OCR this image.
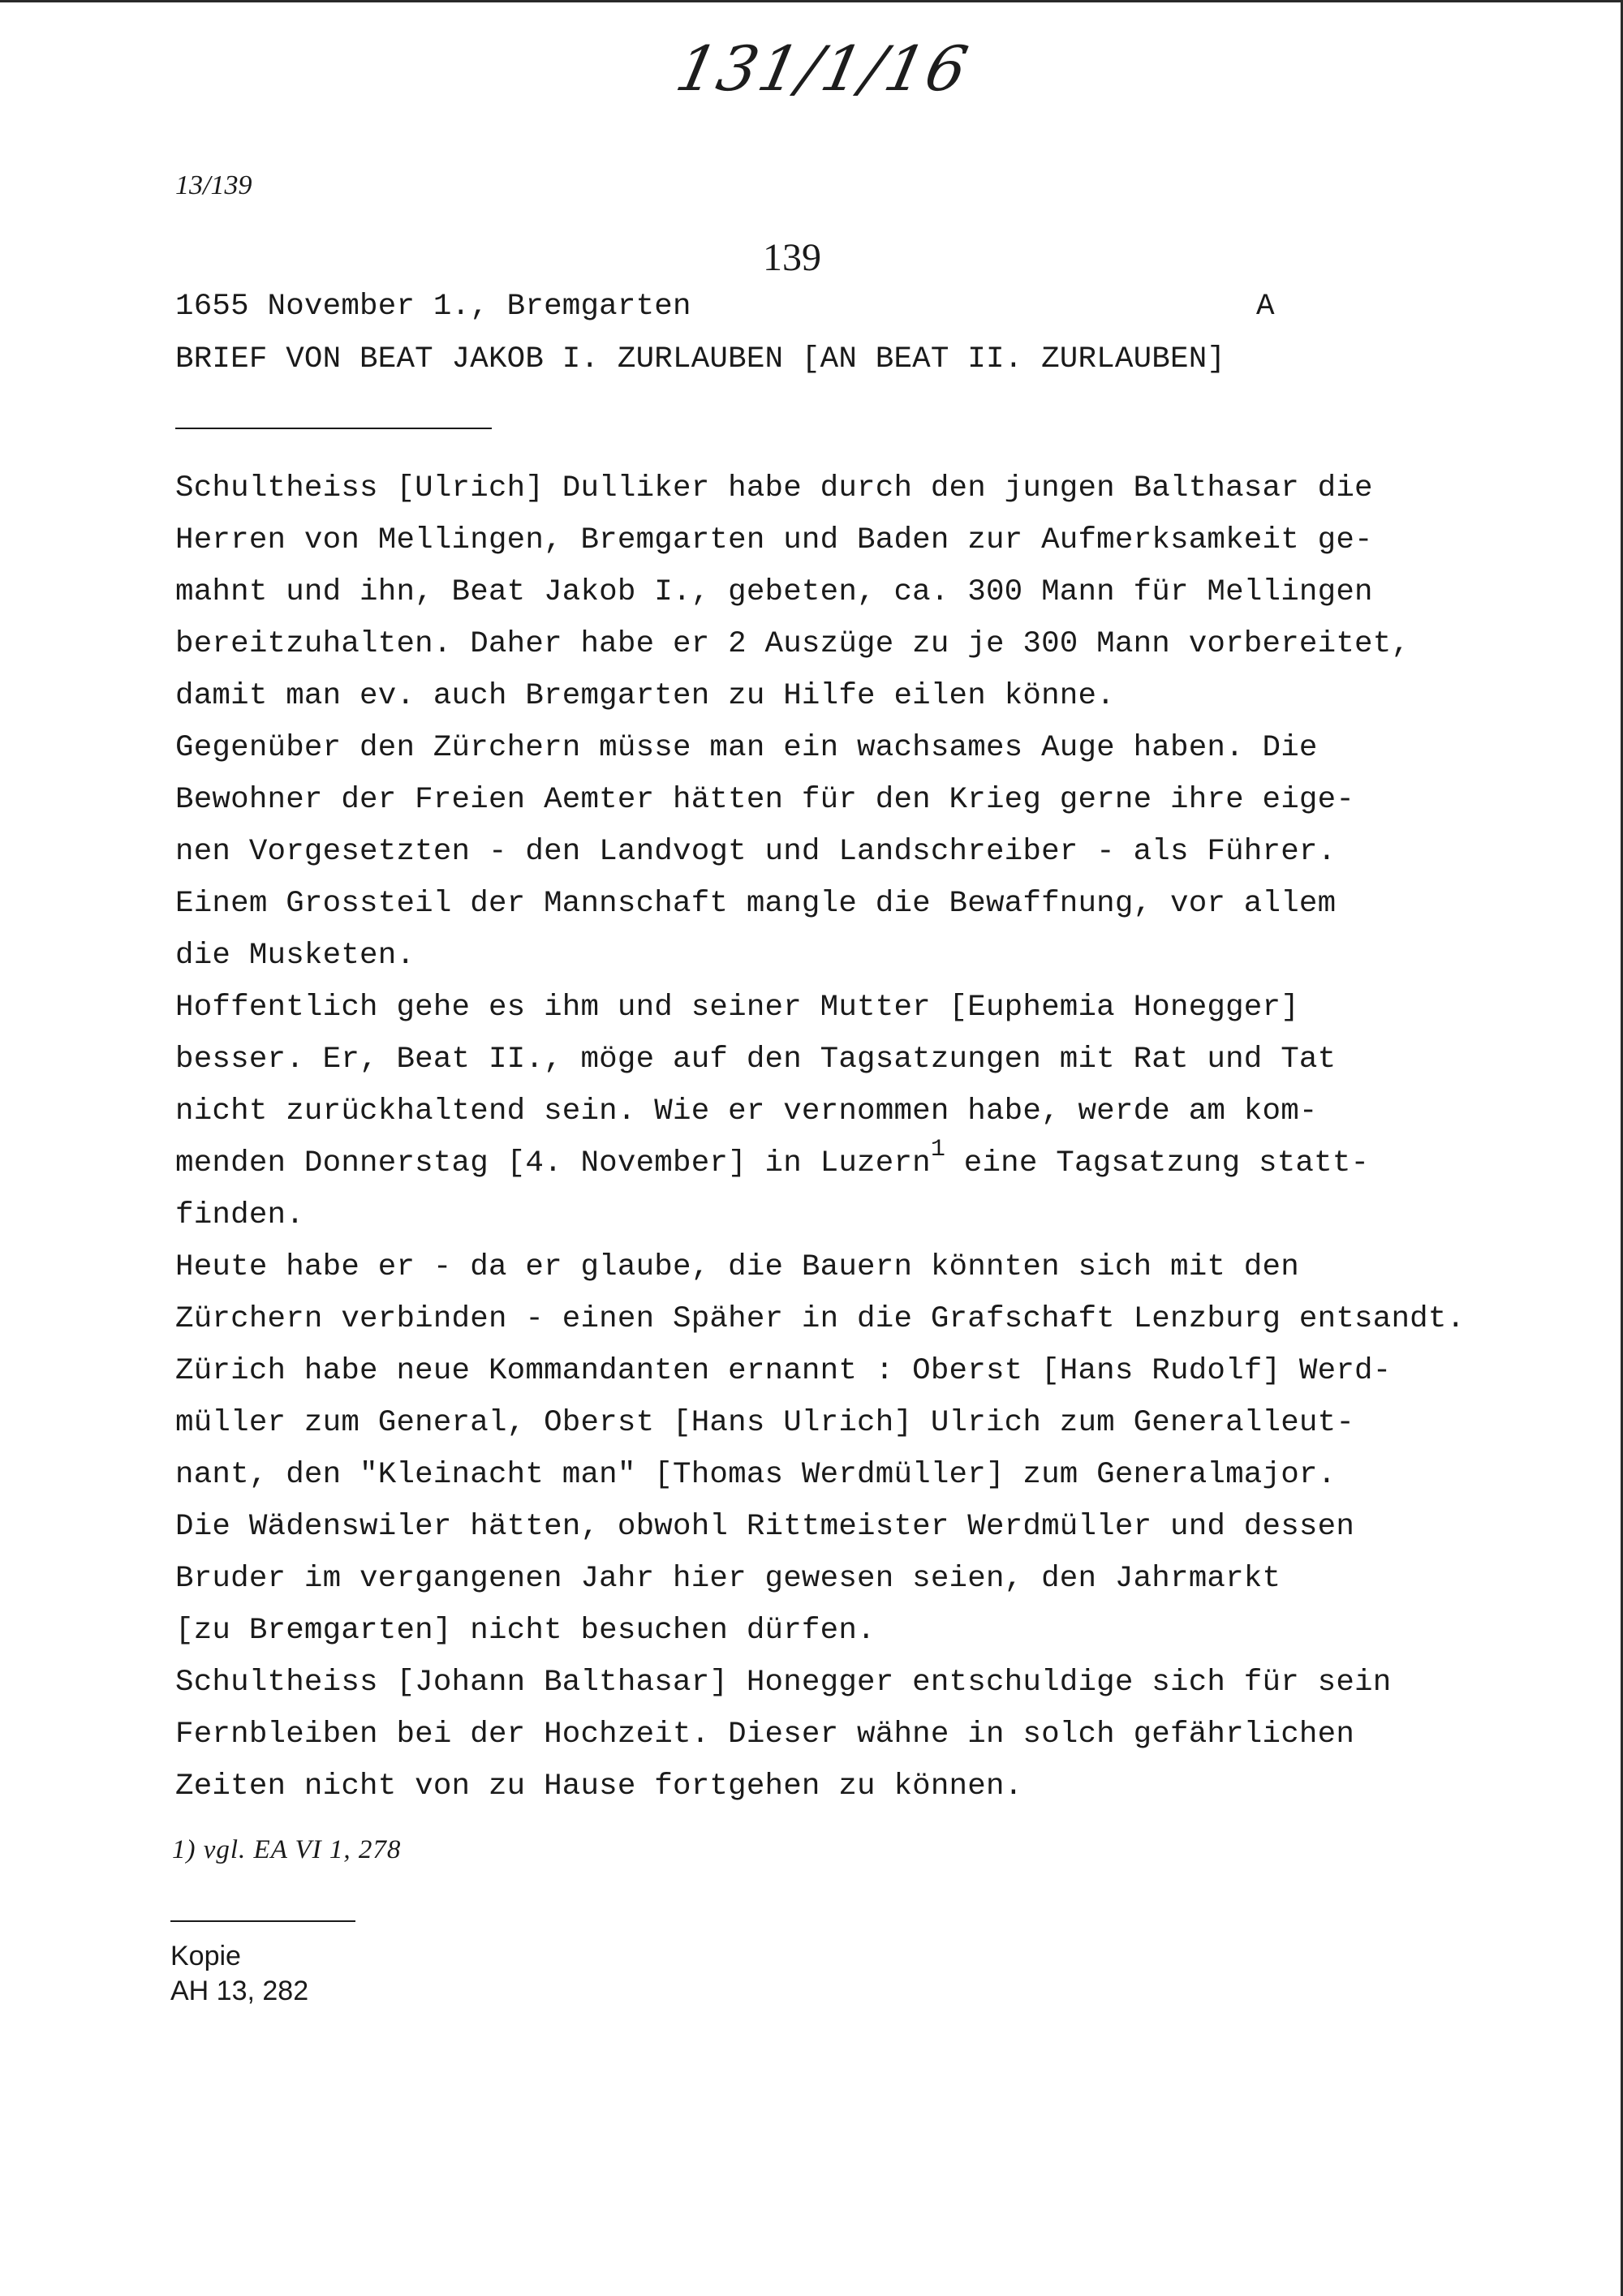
131/1/16
13/139
139
1655 November 1., Bremgarten	A
BRIEF VON BEAT JAKOB I. ZURLAUBEN [AN BEAT II. ZURLAUBEN]
Schultheiss [Ulrich] Dulliker habe durch den jungen Balthasar die
Herren von Mellingen, Bremgarten und Baden zur Aufmerksamkeit ge-
mahnt und ihn, Beat Jakob I., gebeten, ca. 300 Mann für Mellingen
bereitzuhalten. Daher habe er 2 Auszüge zu je 300 Mann vorbereitet,
damit man ev. auch Bremgarten zu Hilfe eilen könne.
Gegenüber den Zürchern müsse man ein wachsames Auge haben. Die
Bewohner der Freien Aemter hätten für den Krieg gerne ihre eige-
nen Vorgesetzten - den Landvogt und Landschreiber - als Führer.
Einem Grossteil der Mannschaft mangle die Bewaffnung, vor allem
die Musketen.
Hoffentlich gehe es ihm und seiner Mutter [Euphemia Honegger]
besser. Er, Beat II., möge auf den Tagsatzungen mit Rat und Tat
nicht zurückhaltend sein. Wie er vernommen habe, werde am kom-
menden Donnerstag [4. November] in Luzern$^1$ eine Tagsatzung statt-
finden.
Heute habe er - da er glaube, die Bauern könnten sich mit den
Zürchern verbinden - einen Späher in die Grafschaft Lenzburg entsandt.
Zürich habe neue Kommandanten ernannt : Oberst [Hans Rudolf] Werd-
müller zum General, Oberst [Hans Ulrich] Ulrich zum Generalleut-
nant, den "Kleinacht man" [Thomas Werdmüller] zum Generalmajor.
Die Wädenswiler hätten, obwohl Rittmeister Werdmüller und dessen
Bruder im vergangenen Jahr hier gewesen seien, den Jahrmarkt
[zu Bremgarten] nicht besuchen dürfen.
Schultheiss [Johann Balthasar] Honegger entschuldige sich für sein
Fernbleiben bei der Hochzeit. Dieser wähne in solch gefährlichen
Zeiten nicht von zu Hause fortgehen zu können.
1) vgl. EA VI 1, 278
Kopie
AH 13, 282
